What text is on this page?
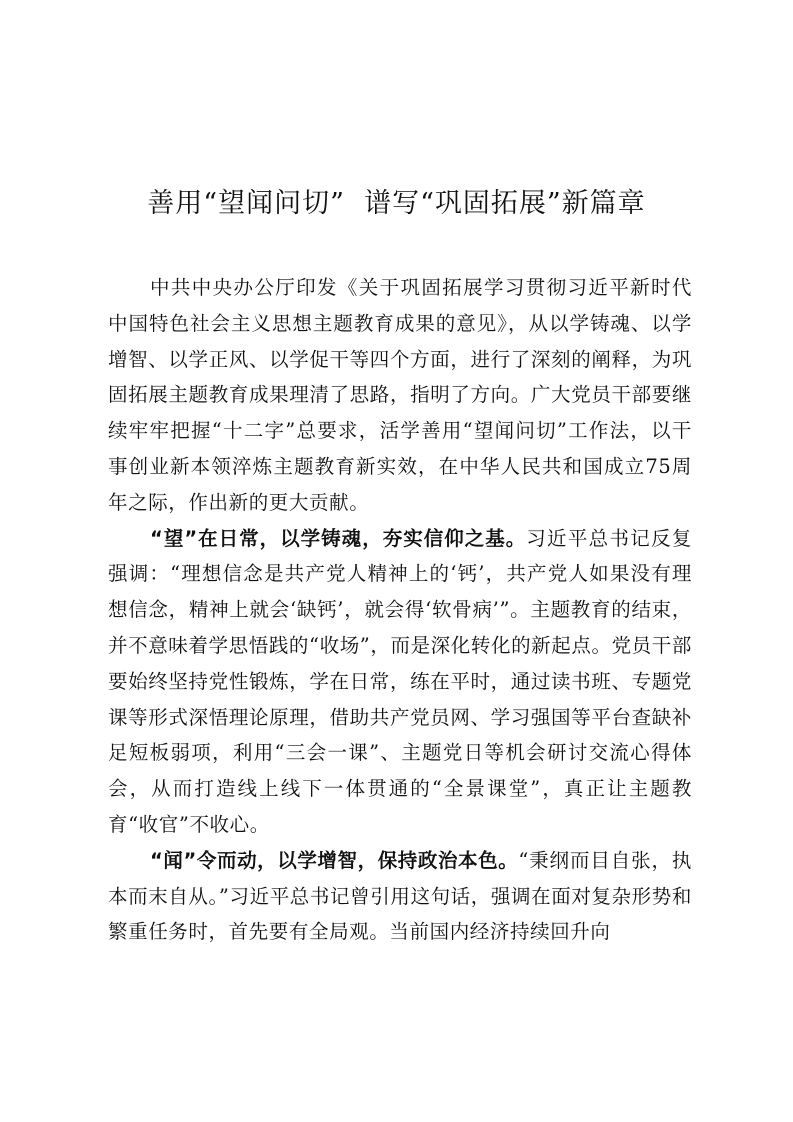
善用“望闻问切”  谱写“巩固拓展”新篇章

中共中央办公厅印发《关于巩固拓展学习贯彻习近平新时代中国特色社会主义思想主题教育成果的意见》，从以学铸魂、以学增智、以学正风、以学促干等四个方面，进行了深刻的阐释，为巩固拓展主题教育成果理清了思路，指明了方向。广大党员干部要继续牢牢把握“十二字”总要求，活学善用“望闻问切”工作法，以干事创业新本领淬炼主题教育新实效，在中华人民共和国成立75周年之际，作出新的更大贡献。

“望”在日常，以学铸魂，夯实信仰之基。习近平总书记反复强调：“理想信念是共产党人精神上的‘钙’，共产党人如果没有理想信念，精神上就会‘缺钙’，就会得‘软骨病’”。主题教育的结束，并不意味着学思悟践的“收场”，而是深化转化的新起点。党员干部要始终坚持党性锻炼，学在日常，练在平时，通过读书班、专题党课等形式深悟理论原理，借助共产党员网、学习强国等平台查缺补足短板弱项，利用“三会一课”、主题党日等机会研讨交流心得体会，从而打造线上线下一体贯通的“全景课堂”，真正让主题教育“收官”不收心。

“闻”令而动，以学增智，保持政治本色。“秉纲而目自张，执本而末自从。”习近平总书记曾引用这句话，强调在面对复杂形势和繁重任务时，首先要有全局观。当前国内经济持续回升向
